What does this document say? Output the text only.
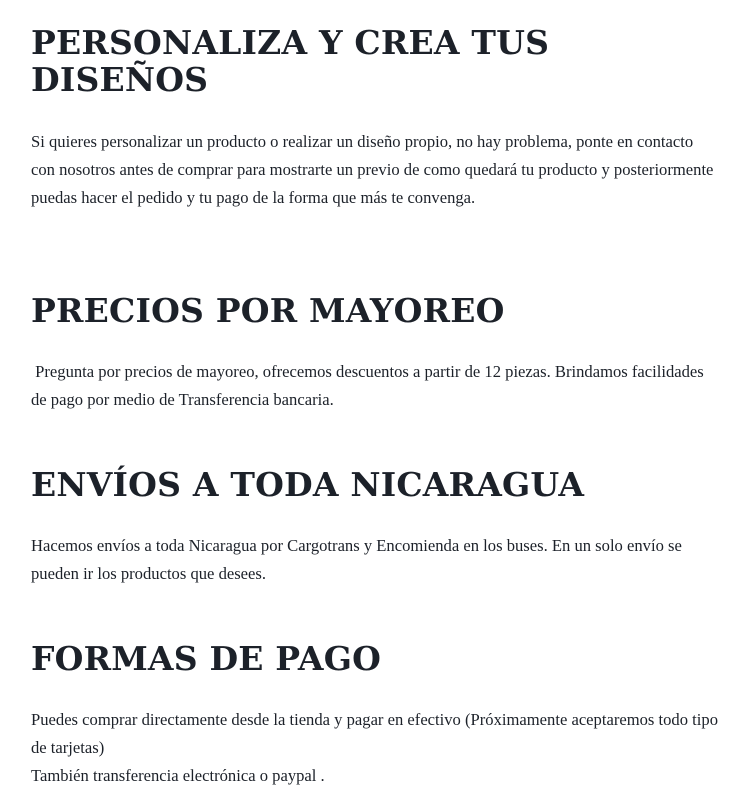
PERSONALIZA Y CREA TUS DISEÑOS

Si quieres personalizar un producto o realizar un diseño propio, no hay problema, ponte en contacto con nosotros antes de comprar para mostrarte un previo de como quedará tu producto y posteriormente puedas hacer el pedido y tu pago de la forma que más te convenga.

PRECIOS POR MAYOREO

Pregunta por precios de mayoreo, ofrecemos descuentos a partir de 12 piezas. Brindamos facilidades de pago por medio de Transferencia bancaria.

ENVÍOS A TODA NICARAGUA

Hacemos envíos a toda Nicaragua por Cargotrans y Encomienda en los buses. En un solo envío se pueden ir los productos que desees.

FORMAS DE PAGO

Puedes comprar directamente desde la tienda y pagar en efectivo (Próximamente aceptaremos todo tipo de tarjetas)
También transferencia electrónica o paypal .
